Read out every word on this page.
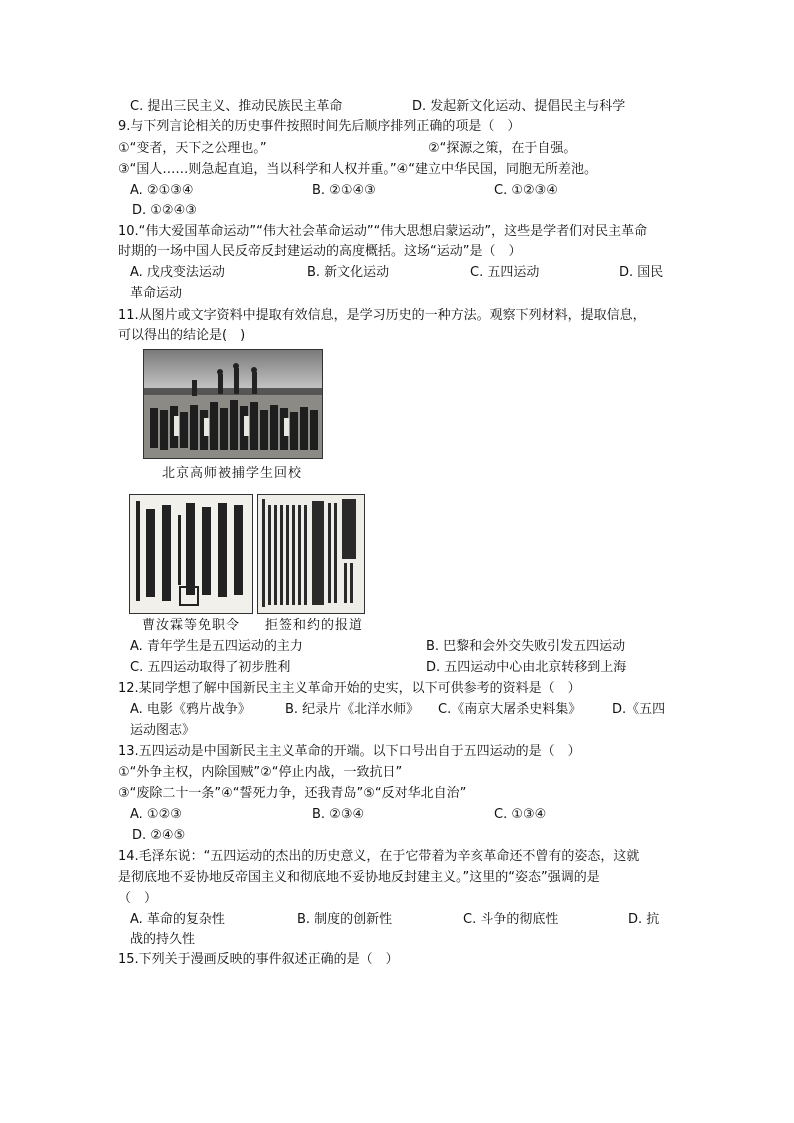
C. 提出三民主义、推动民族民主革命	D. 发起新文化运动、提倡民主与科学
9.与下列言论相关的历史事件按照时间先后顺序排列正确的项是（　）
①“变者，天下之公理也。”	②“探源之策，在于自强。
③“国人……则急起直追，当以科学和人权并重。”④“建立中华民国，同胞无所差池。
A. ②①③④	B. ②①④③	C. ①②③④
D. ①②④③
10.“伟大爱国革命运动”“伟大社会革命运动”“伟大思想启蒙运动”，这些是学者们对民主革命
时期的一场中国人民反帝反封建运动的高度概括。这场“运动”是（　）
A. 戊戌变法运动	B. 新文化运动	C. 五四运动	D. 国民
革命运动
11.从图片或文字资料中提取有效信息，是学习历史的一种方法。观察下列材料，提取信息，
可以得出的结论是(　)
北京高师被捕学生回校
曹汝霖等免职令 拒签和约的报道
A. 青年学生是五四运动的主力	B. 巴黎和会外交失败引发五四运动
C. 五四运动取得了初步胜利	D. 五四运动中心由北京转移到上海
12.某同学想了解中国新民主主义革命开始的史实，以下可供参考的资料是（　）
A. 电影《鸦片战争》	B. 纪录片《北洋水师》 C.《南京大屠杀史料集》 D.《五四
运动图志》
13.五四运动是中国新民主主义革命的开端。以下口号出自于五四运动的是（　）
①“外争主权，内除国贼”②“停止内战，一致抗日”
③“废除二十一条”④“誓死力争，还我青岛”⑤“反对华北自治”
A. ①②③	B. ②③④	C. ①③④
D. ②④⑤
14.毛泽东说：“五四运动的杰出的历史意义，在于它带着为辛亥革命还不曾有的姿态，这就
是彻底地不妥协地反帝国主义和彻底地不妥协地反封建主义。”这里的“姿态”强调的是
（　）
A. 革命的复杂性	B. 制度的创新性	C. 斗争的彻底性	D. 抗
战的持久性
15.下列关于漫画反映的事件叙述正确的是（　）
